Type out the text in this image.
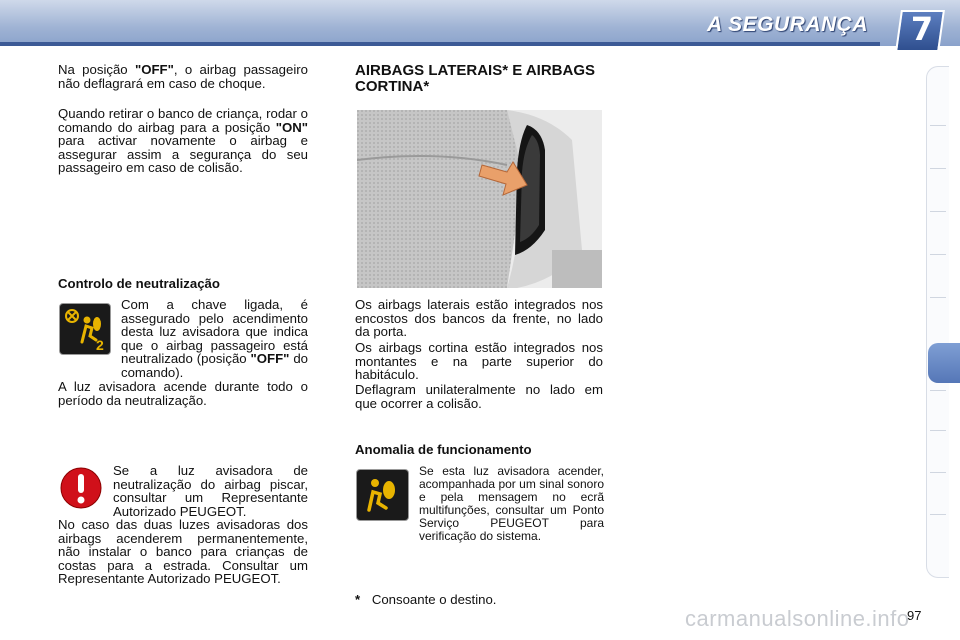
A SEGURANÇA 7

Na posição "OFF", o airbag passageiro não deflagrará em caso de choque.

Quando retirar o banco de criança, rodar o comando do airbag para a posição "ON" para activar novamente o airbag e assegurar assim a segurança do seu passageiro em caso de colisão.

Controlo de neutralização
2

Com a chave ligada, é assegurado pelo acendimento desta luz avisadora que indica que o airbag passageiro está neutralizado (posição "OFF" do comando).

A luz avisadora acende durante todo o período da neutralização.

Se a luz avisadora de neutralização do airbag piscar, consultar um Representante Autorizado PEUGEOT.

No caso das duas luzes avisadoras dos airbags acenderem permanentemente, não instalar o banco para crianças de costas para a estrada. Consultar um Representante Autorizado PEUGEOT.

AIRBAGS LATERAIS* E AIRBAGS CORTINA*

Os airbags laterais estão integrados nos encostos dos bancos da frente, no lado da porta.

Os airbags cortina estão integrados nos montantes e na parte superior do habitáculo.

Deflagram unilateralmente no lado em que ocorrer a colisão.

Anomalia de funcionamento

Se esta luz avisadora acender, acompanhada por um sinal sonoro e pela mensagem no ecrã multifunções, consultar um Ponto Serviço PEUGEOT para verificação do sistema.

* Consoante o destino.
carmanualsonline.info
97
